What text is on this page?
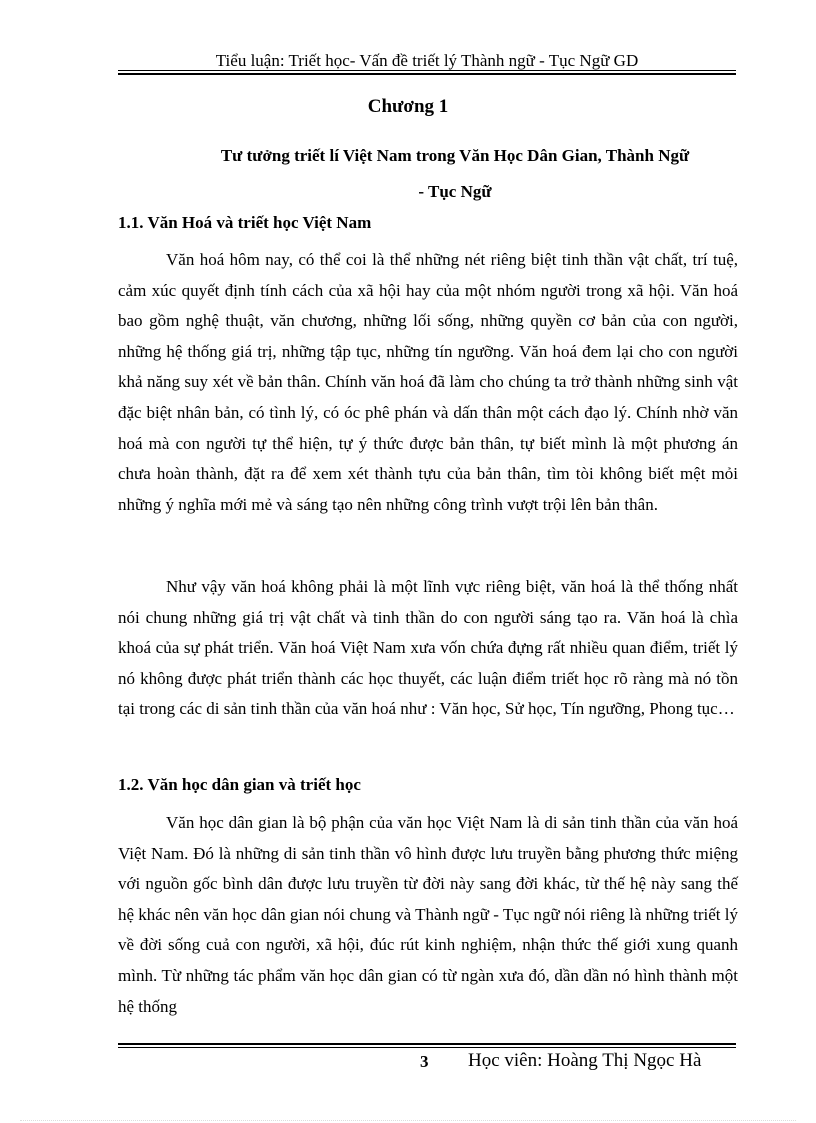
Tiểu luận: Triết học- Vấn đề triết lý Thành ngữ - Tục Ngữ GD
Chương 1
Tư tưởng triết lí Việt Nam trong Văn Học Dân Gian, Thành Ngữ
- Tục Ngữ
1.1. Văn Hoá và triết học Việt Nam

Văn hoá hôm nay, có thể coi là thể những nét riêng biệt tinh thần vật chất, trí tuệ, cảm xúc quyết định tính cách của xã hội hay của một nhóm người trong xã hội. Văn hoá bao gồm nghệ thuật, văn chương, những lối sống, những quyền cơ bản của con người, những hệ thống giá trị, những tập tục, những tín ngưỡng. Văn hoá đem lại cho con người khả năng suy xét về bản thân. Chính văn hoá đã làm cho chúng ta trở thành những sinh vật đặc biệt nhân bản, có tình lý, có óc phê phán và dấn thân một cách đạo lý. Chính nhờ văn hoá mà con người tự thể hiện, tự ý thức được bản thân, tự biết mình là một phương án chưa hoàn thành, đặt ra để xem xét thành tựu của bản thân, tìm tòi không biết mệt mỏi những ý nghĩa mới mẻ và sáng tạo nên những công trình vượt trội lên bản thân.

Như vậy văn hoá không phải là một lĩnh vực riêng biệt, văn hoá là thể thống nhất nói chung những giá trị vật chất và tinh thần do con người sáng tạo ra. Văn hoá là chìa khoá của sự phát triển. Văn hoá Việt Nam xưa vốn chứa đựng rất nhiều quan điểm, triết lý nó không được phát triển thành các học thuyết, các luận điểm triết học rõ ràng mà nó tồn tại trong các di sản tinh thần của văn hoá như : Văn học, Sử học, Tín ngưỡng, Phong tục…

1.2. Văn học dân gian và triết học

Văn học dân gian là bộ phận của văn học Việt Nam là di sản tinh thần của văn hoá Việt Nam. Đó là những di sản tinh thần vô hình được lưu truyền bằng phương thức miệng với nguồn gốc bình dân được lưu truyền từ đời này sang đời khác, từ thế hệ này sang thế hệ khác nên văn học dân gian nói chung và Thành ngữ - Tục ngữ nói riêng là những triết lý về đời sống cuả con người, xã hội, đúc rút kinh nghiệm, nhận thức thế giới xung quanh mình. Từ những tác phẩm văn học dân gian có từ ngàn xưa đó, dần dần nó hình thành một hệ thống

3 Học viên: Hoàng Thị Ngọc Hà
